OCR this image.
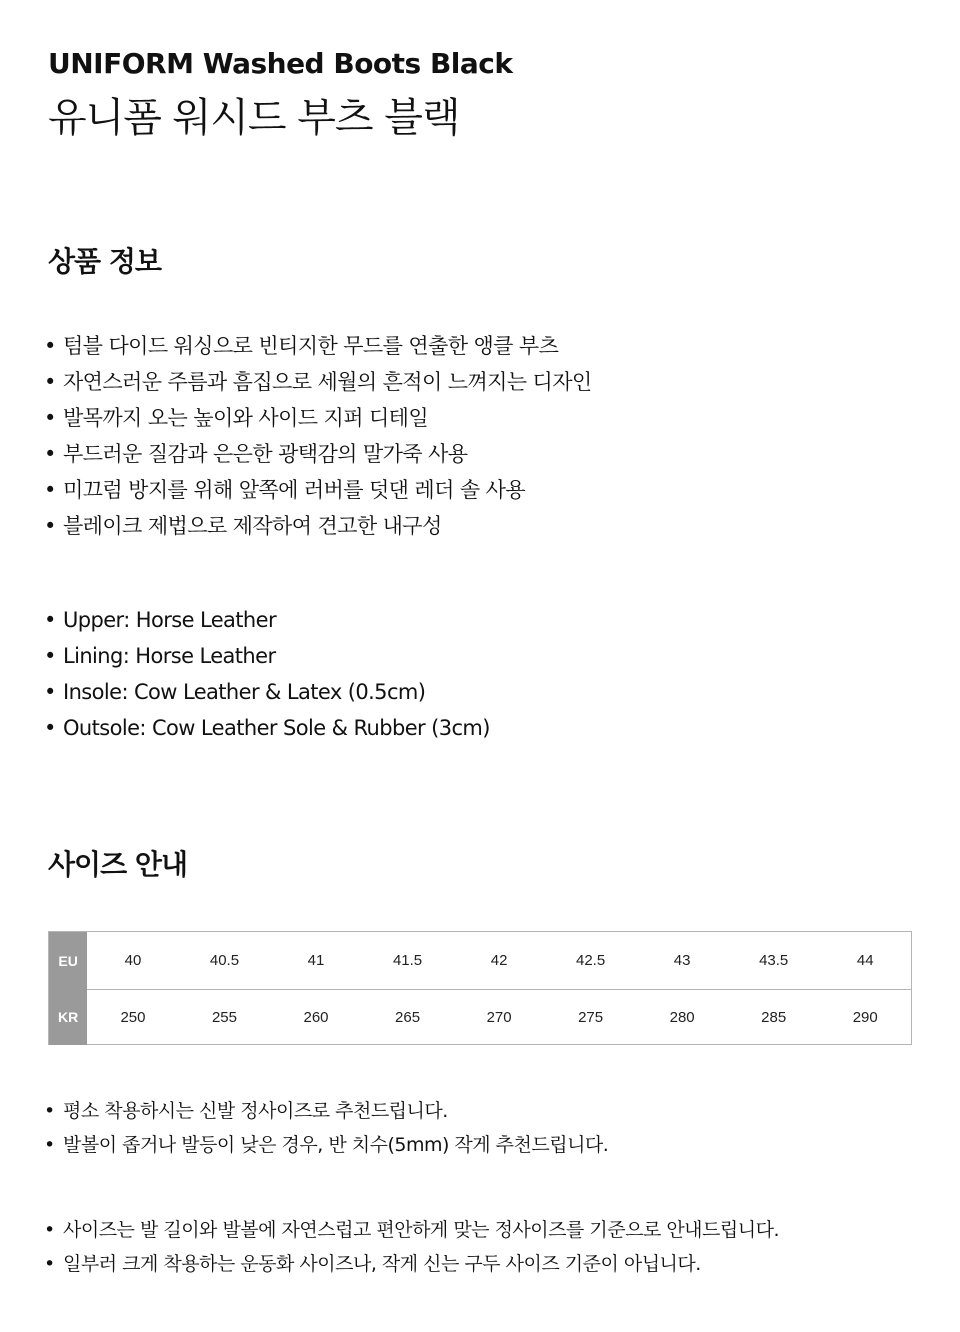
UNIFORM Washed Boots Black
유니폼 워시드 부츠 블랙
상품 정보
• 텀블 다이드 워싱으로 빈티지한 무드를 연출한 앵클 부츠
• 자연스러운 주름과 흠집으로 세월의 흔적이 느껴지는 디자인
• 발목까지 오는 높이와 사이드 지퍼 디테일
• 부드러운 질감과 은은한 광택감의 말가죽 사용
• 미끄럼 방지를 위해 앞쪽에 러버를 덧댄 레더 솔 사용
• 블레이크 제법으로 제작하여 견고한 내구성
• Upper: Horse Leather
• Lining: Horse Leather
• Insole: Cow Leather & Latex (0.5cm)
• Outsole: Cow Leather Sole & Rubber (3cm)
사이즈 안내
EU	40	40.5	41	41.5	42	42.5	43	43.5	44
KR	250	255	260	265	270	275	280	285	290
• 평소 착용하시는 신발 정사이즈로 추천드립니다.
• 발볼이 좁거나 발등이 낮은 경우, 반 치수(5mm) 작게 추천드립니다.
• 사이즈는 발 길이와 발볼에 자연스럽고 편안하게 맞는 정사이즈를 기준으로 안내드립니다.
• 일부러 크게 착용하는 운동화 사이즈나, 작게 신는 구두 사이즈 기준이 아닙니다.
